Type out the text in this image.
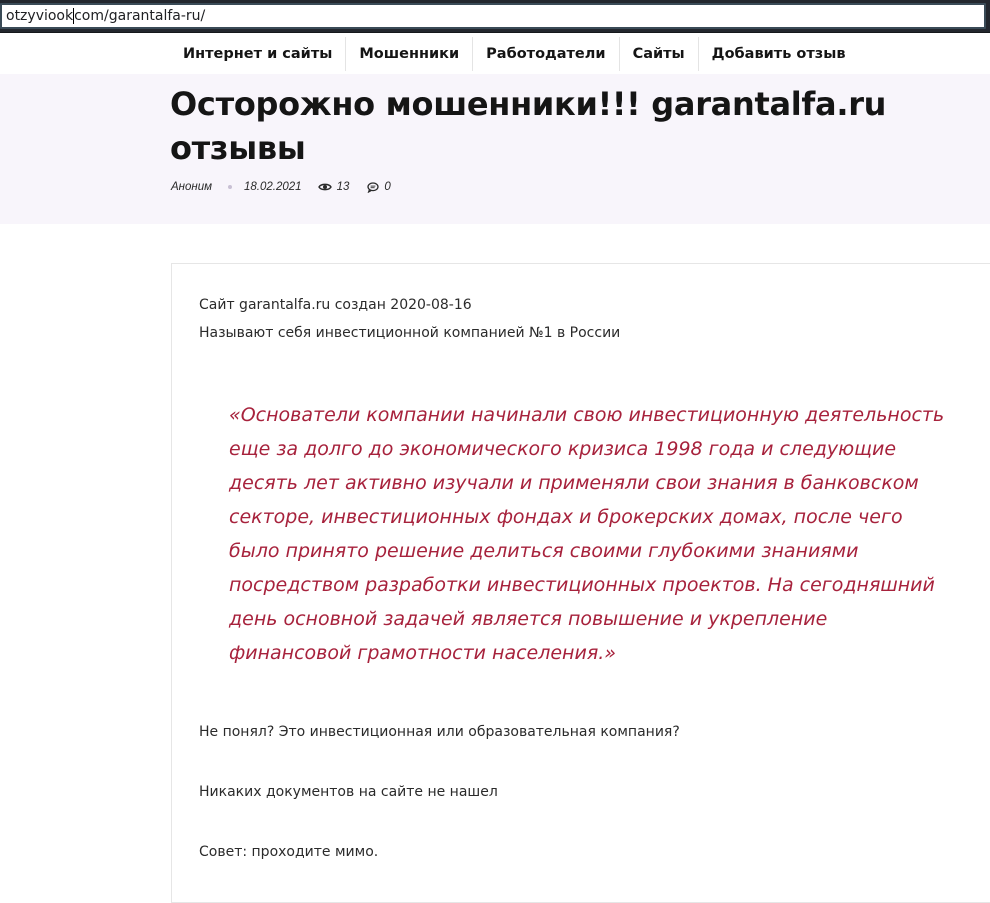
otzyviook com/garantalfa-ru/
Интернет и сайты	Мошенники	Работодатели	Сайты	Добавить отзыв
Осторожно мошенники!!! garantalfa.ru отзывы
Аноним	18.02.2021	13	0

Сайт garantalfa.ru создан 2020-08-16

Называют себя инвестиционной компанией №1 в России

«Основатели компании начинали свою инвестиционную деятельность еще за долго до экономического кризиса 1998 года и следующие десять лет активно изучали и применяли свои знания в банковском секторе, инвестиционных фондах и брокерских домах, после чего было принято решение делиться своими глубокими знаниями посредством разработки инвестиционных проектов. На сегодняшний день основной задачей является повышение и укрепление финансовой грамотности населения.»

Не понял? Это инвестиционная или образовательная компания?

Никаких документов на сайте не нашел

Совет: проходите мимо.
